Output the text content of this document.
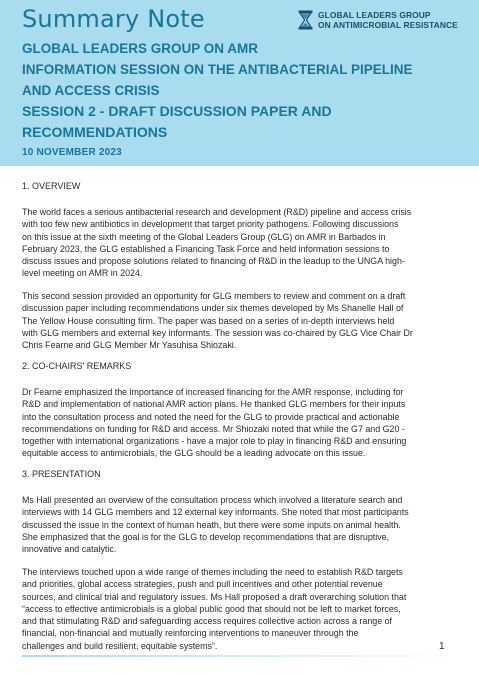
Summary Note	GLOBAL LEADERS GROUP
ON ANTIMICROBIAL RESISTANCE
GLOBAL LEADERS GROUP ON AMR
INFORMATION SESSION ON THE ANTIBACTERIAL PIPELINE
AND ACCESS CRISIS
SESSION 2 - DRAFT DISCUSSION PAPER AND
RECOMMENDATIONS
10 NOVEMBER 2023
1. OVERVIEW
The world faces a serious antibacterial research and development (R&D) pipeline and access crisis
with too few new antibiotics in development that target priority pathogens. Following discussions
on this issue at the sixth meeting of the Global Leaders Group (GLG) on AMR in Barbados in
February 2023, the GLG established a Financing Task Force and held information sessions to
discuss issues and propose solutions related to financing of R&D in the leadup to the UNGA high-
level meeting on AMR in 2024.
This second session provided an opportunity for GLG members to review and comment on a draft
discussion paper including recommendations under six themes developed by Ms Shanelle Hall of
The Yellow House consulting firm. The paper was based on a series of in-depth interviews held
with GLG members and external key informants. The session was co-chaired by GLG Vice Chair Dr
Chris Fearne and GLG Member Mr Yasuhisa Shiozaki.
2. CO-CHAIRS' REMARKS
Dr Fearne emphasized the importance of increased financing for the AMR response, including for
R&D and implementation of national AMR action plans. He thanked GLG members for their inputs
into the consultation process and noted the need for the GLG to provide practical and actionable
recommendations on funding for R&D and access. Mr Shiozaki noted that while the G7 and G20 -
together with international organizations - have a major role to play in financing R&D and ensuring
equitable access to antimicrobials, the GLG should be a leading advocate on this issue.
3. PRESENTATION
Ms Hall presented an overview of the consultation process which involved a literature search and
interviews with 14 GLG members and 12 external key informants. She noted that most participants
discussed the issue in the context of human heath, but there were some inputs on animal health.
She emphasized that the goal is for the GLG to develop recommendations that are disruptive,
innovative and catalytic.
The interviews touched upon a wide range of themes including the need to establish R&D targets
and priorities, global access strategies, push and pull incentives and other potential revenue
sources, and clinical trial and regulatory issues. Ms Hall proposed a draft overarching solution that
“access to effective antimicrobials is a global public good that should not be left to market forces,
and that stimulating R&D and safeguarding access requires collective action across a range of
financial, non-financial and mutually reinforcing interventions to maneuver through the
challenges and build resilient, equitable systems”.	1
